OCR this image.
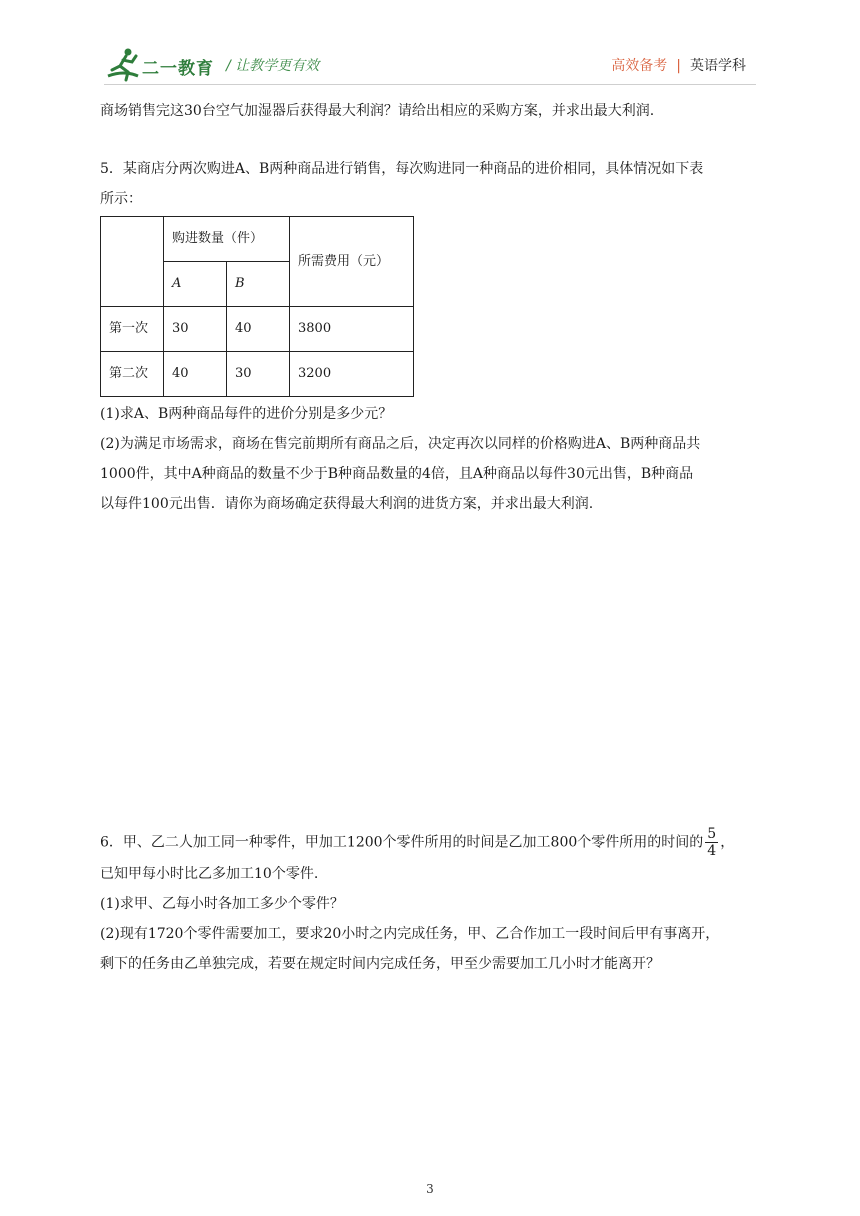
二一教育 / 让教学更有效	高效备考 | 英语学科

商场销售完这30台空气加湿器后获得最大利润？请给出相应的采购方案，并求出最大利润.

5．某商店分两次购进A、B两种商品进行销售，每次购进同一种商品的进价相同，具体情况如下表

所示：

	购进数量（件）		所需费用（元）
	A	B	
第一次	30	40	3800
第二次	40	30	3200

(1)求A、B两种商品每件的进价分别是多少元？

(2)为满足市场需求，商场在售完前期所有商品之后，决定再次以同样的价格购进A、B两种商品共

1000件，其中A种商品的数量不少于B种商品数量的4倍，且A种商品以每件30元出售，B种商品

以每件100元出售．请你为商场确定获得最大利润的进货方案，并求出最大利润.

6．甲、乙二人加工同一种零件，甲加工1200个零件所用的时间是乙加工800个零件所用的时间的 $\frac{5}{4}$ ，

已知甲每小时比乙多加工10个零件.

(1)求甲、乙每小时各加工多少个零件？

(2)现有1720个零件需要加工，要求20小时之内完成任务，甲、乙合作加工一段时间后甲有事离开，

剩下的任务由乙单独完成，若要在规定时间内完成任务，甲至少需要加工几小时才能离开？

3
